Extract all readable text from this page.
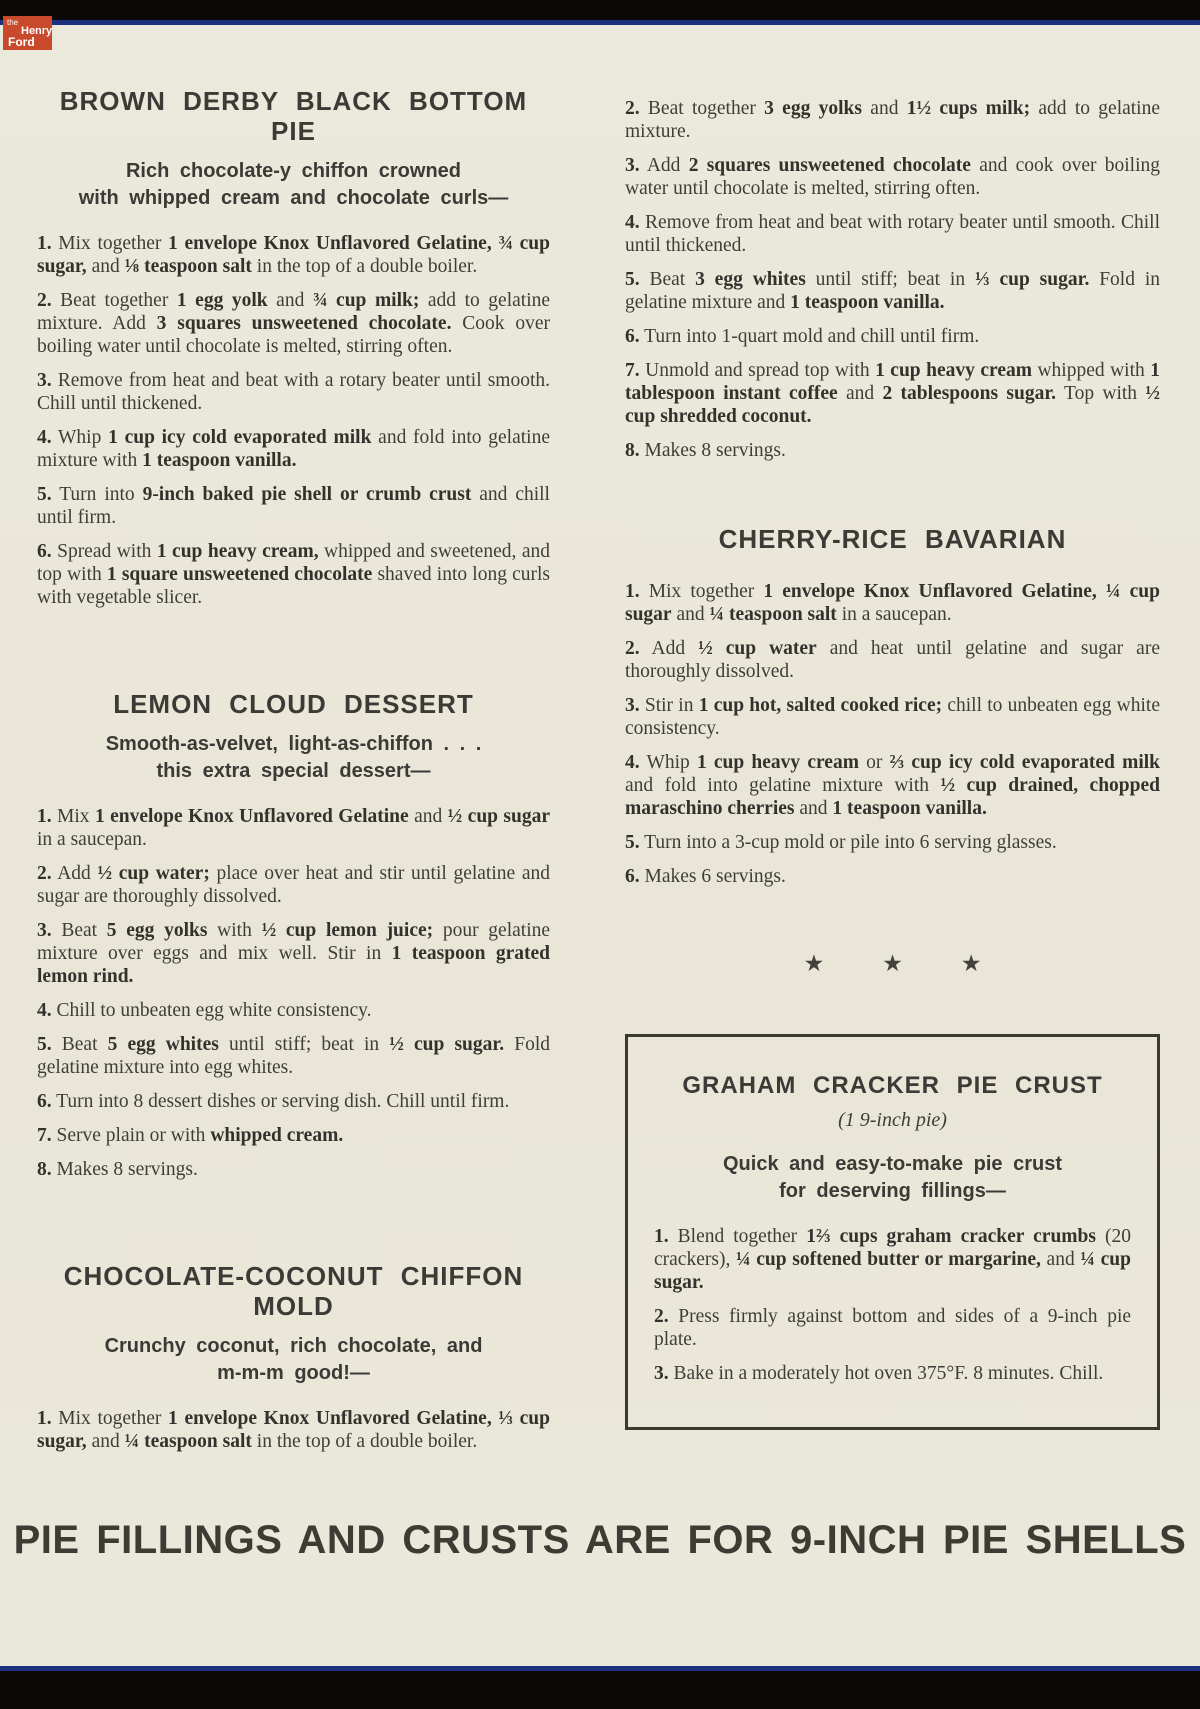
the
Henry
Ford
BROWN DERBY BLACK BOTTOM PIE
Rich chocolate-y chiffon crowned
with whipped cream and chocolate curls—

1. Mix together 1 envelope Knox Unflavored Gelatine, ¾ cup sugar, and ⅛ teaspoon salt in the top of a double boiler.

2. Beat together 1 egg yolk and ¾ cup milk; add to gelatine mixture. Add 3 squares unsweetened chocolate. Cook over boiling water until chocolate is melted, stirring often.

3. Remove from heat and beat with a rotary beater until smooth. Chill until thickened.

4. Whip 1 cup icy cold evaporated milk and fold into gelatine mixture with 1 teaspoon vanilla.

5. Turn into 9-inch baked pie shell or crumb crust and chill until firm.

6. Spread with 1 cup heavy cream, whipped and sweetened, and top with 1 square unsweetened chocolate shaved into long curls with vegetable slicer.

LEMON CLOUD DESSERT
Smooth-as-velvet, light-as-chiffon . . .
this extra special dessert—

1. Mix 1 envelope Knox Unflavored Gelatine and ½ cup sugar in a saucepan.

2. Add ½ cup water; place over heat and stir until gelatine and sugar are thoroughly dissolved.

3. Beat 5 egg yolks with ½ cup lemon juice; pour gelatine mixture over eggs and mix well. Stir in 1 teaspoon grated lemon rind.

4. Chill to unbeaten egg white consistency.

5. Beat 5 egg whites until stiff; beat in ½ cup sugar. Fold gelatine mixture into egg whites.

6. Turn into 8 dessert dishes or serving dish. Chill until firm.

7. Serve plain or with whipped cream.

8. Makes 8 servings.

CHOCOLATE-COCONUT CHIFFON MOLD
Crunchy coconut, rich chocolate, and
m-m-m good!—

1. Mix together 1 envelope Knox Unflavored Gelatine, ⅓ cup sugar, and ¼ teaspoon salt in the top of a double boiler.

2. Beat together 3 egg yolks and 1½ cups milk; add to gelatine mixture.

3. Add 2 squares unsweetened chocolate and cook over boiling water until chocolate is melted, stirring often.

4. Remove from heat and beat with rotary beater until smooth. Chill until thickened.

5. Beat 3 egg whites until stiff; beat in ⅓ cup sugar. Fold in gelatine mixture and 1 teaspoon vanilla.

6. Turn into 1-quart mold and chill until firm.

7. Unmold and spread top with 1 cup heavy cream whipped with 1 tablespoon instant coffee and 2 tablespoons sugar. Top with ½ cup shredded coconut.

8. Makes 8 servings.

CHERRY-RICE BAVARIAN

1. Mix together 1 envelope Knox Unflavored Gelatine, ¼ cup sugar and ¼ teaspoon salt in a saucepan.

2. Add ½ cup water and heat until gelatine and sugar are thoroughly dissolved.

3. Stir in 1 cup hot, salted cooked rice; chill to unbeaten egg white consistency.

4. Whip 1 cup heavy cream or ⅔ cup icy cold evaporated milk and fold into gelatine mixture with ½ cup drained, chopped maraschino cherries and 1 teaspoon vanilla.

5. Turn into a 3-cup mold or pile into 6 serving glasses.

6. Makes 6 servings.

★	★	★
GRAHAM CRACKER PIE CRUST
(1 9-inch pie)
Quick and easy-to-make pie crust
for deserving fillings—

1. Blend together 1⅔ cups graham cracker crumbs (20 crackers), ¼ cup softened butter or margarine, and ¼ cup sugar.

2. Press firmly against bottom and sides of a 9-inch pie plate.

3. Bake in a moderately hot oven 375°F. 8 minutes. Chill.

PIE FILLINGS AND CRUSTS ARE FOR 9-INCH PIE SHELLS
